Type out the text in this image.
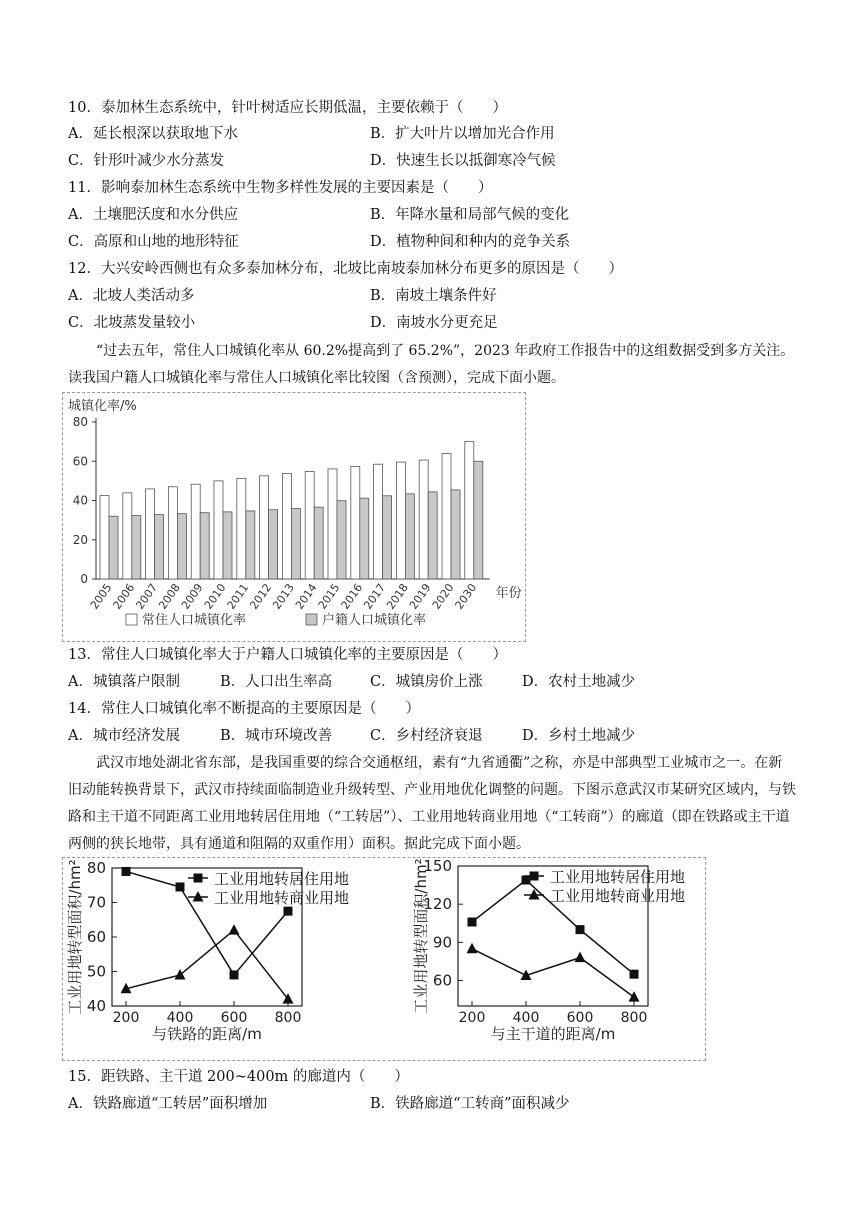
10．泰加林生态系统中，针叶树适应长期低温，主要依赖于（　　）
A．延长根深以获取地下水	B．扩大叶片以增加光合作用
C．针形叶减少水分蒸发	D．快速生长以抵御寒冷气候
11．影响泰加林生态系统中生物多样性发展的主要因素是（　　）
A．土壤肥沃度和水分供应	B．年降水量和局部气候的变化
C．高原和山地的地形特征	D．植物种间和种内的竞争关系
12．大兴安岭西侧也有众多泰加林分布，北坡比南坡泰加林分布更多的原因是（　　）
A．北坡人类活动多	B．南坡土壤条件好
C．北坡蒸发量较小	D．南坡水分更充足
“过去五年，常住人口城镇化率从 60.2%提高到了 65.2%”，2023 年政府工作报告中的这组数据受到多方关注。读我国户籍人口城镇化率与常住人口城镇化率比较图（含预测），完成下面小题。
城镇化率/%
0
20
40
60
80
2005
2006
2007
2008
2009
2010
2011
2012
2013
2014
2015
2016
2017
2018
2019
2020
2030 年份
常住人口城镇化率	户籍人口城镇化率
13．常住人口城镇化率大于户籍人口城镇化率的主要原因是（　　）
A．城镇落户限制	B．人口出生率高	C．城镇房价上涨	D．农村土地减少
14．常住人口城镇化率不断提高的主要原因是（　　）
A．城市经济发展	B．城市环境改善	C．乡村经济衰退	D．乡村土地减少
武汉市地处湖北省东部，是我国重要的综合交通枢纽，素有“九省通衢”之称，亦是中部典型工业城市之一。在新旧动能转换背景下，武汉市持续面临制造业升级转型、产业用地优化调整的问题。下图示意武汉市某研究区域内，与铁路和主干道不同距离工业用地转居住用地（“工转居”）、工业用地转商业用地（“工转商”）的廊道（即在铁路或主干道两侧的狭长地带，具有通道和阻隔的双重作用）面积。据此完成下面小题。
40
50
60
70
80
200 400 600 800
与铁路的距离/m
工业用地转型面积/hm²	工业用地转居住用地
工业用地转商业用地
60
90
120
150
200 400 600 800
与主干道的距离/m
工业用地转型面积/hm²	工业用地转居住用地
工业用地转商业用地
15．距铁路、主干道 200~400m 的廊道内（　　）
A．铁路廊道“工转居”面积增加	B．铁路廊道“工转商”面积减少
